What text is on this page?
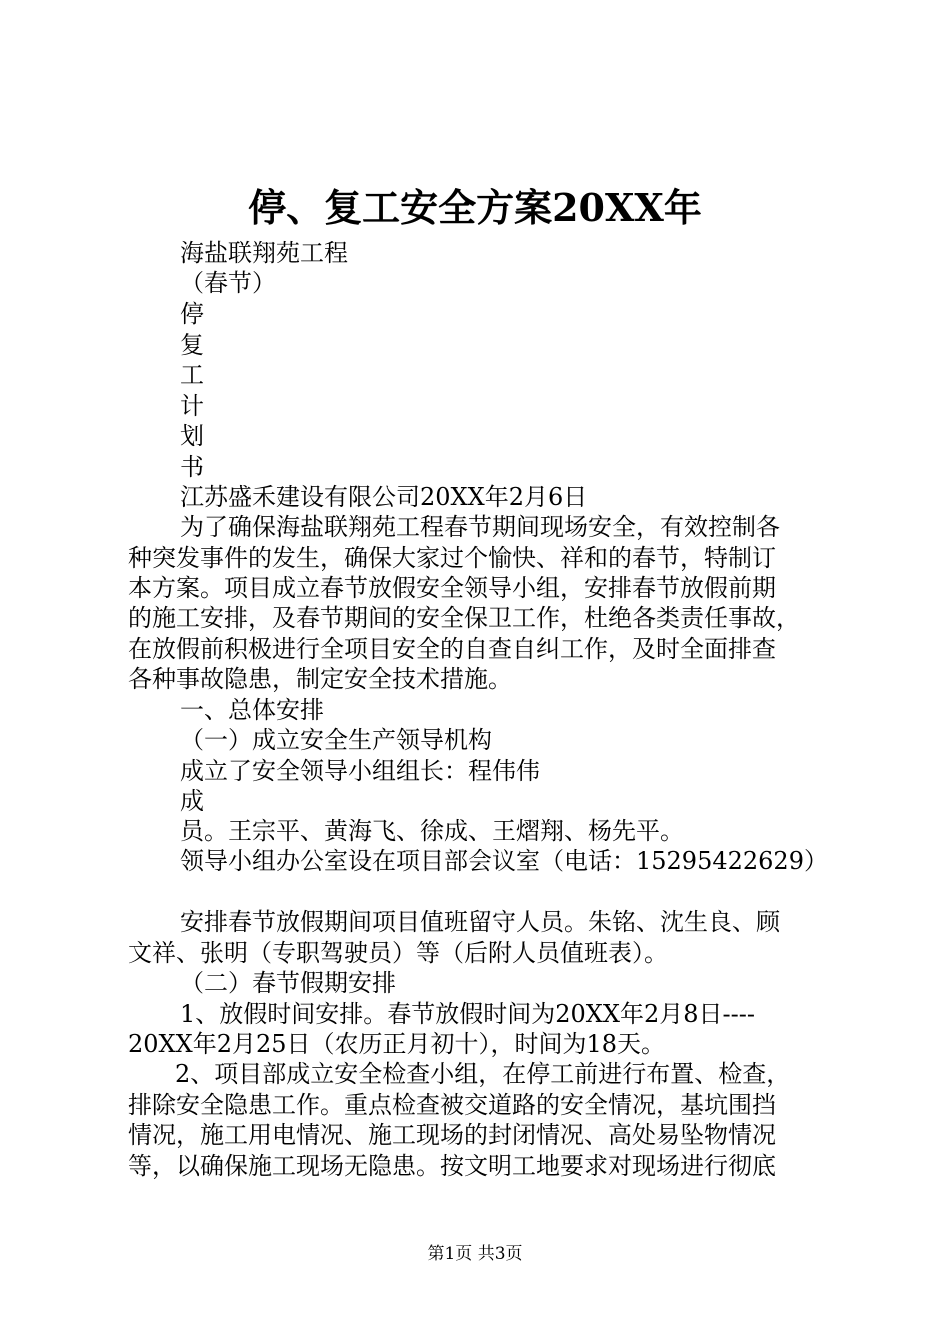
停、复工安全方案20XX年
海盐联翔苑工程
（春节）
停
复
工
计
划
书
江苏盛禾建设有限公司20XX年2月6日
为了确保海盐联翔苑工程春节期间现场安全，有效控制各
种突发事件的发生，确保大家过个愉快、祥和的春节，特制订
本方案。项目成立春节放假安全领导小组，安排春节放假前期
的施工安排，及春节期间的安全保卫工作，杜绝各类责任事故，
在放假前积极进行全项目安全的自查自纠工作，及时全面排查
各种事故隐患，制定安全技术措施。
一、总体安排
（一）成立安全生产领导机构
成立了安全领导小组组长：程伟伟
成
员。王宗平、黄海飞、徐成、王熠翔、杨先平。
领导小组办公室设在项目部会议室（电话：15295422629）
安排春节放假期间项目值班留守人员。朱铭、沈生良、顾
文祥、张明（专职驾驶员）等（后附人员值班表）。
（二）春节假期安排
1、放假时间安排。春节放假时间为20XX年2月8日----
20XX年2月25日（农历正月初十），时间为18天。
2、项目部成立安全检查小组，在停工前进行布置、检查，
排除安全隐患工作。重点检查被交道路的安全情况，基坑围挡
情况，施工用电情况、施工现场的封闭情况、高处易坠物情况
等，以确保施工现场无隐患。按文明工地要求对现场进行彻底
第1页 共3页
